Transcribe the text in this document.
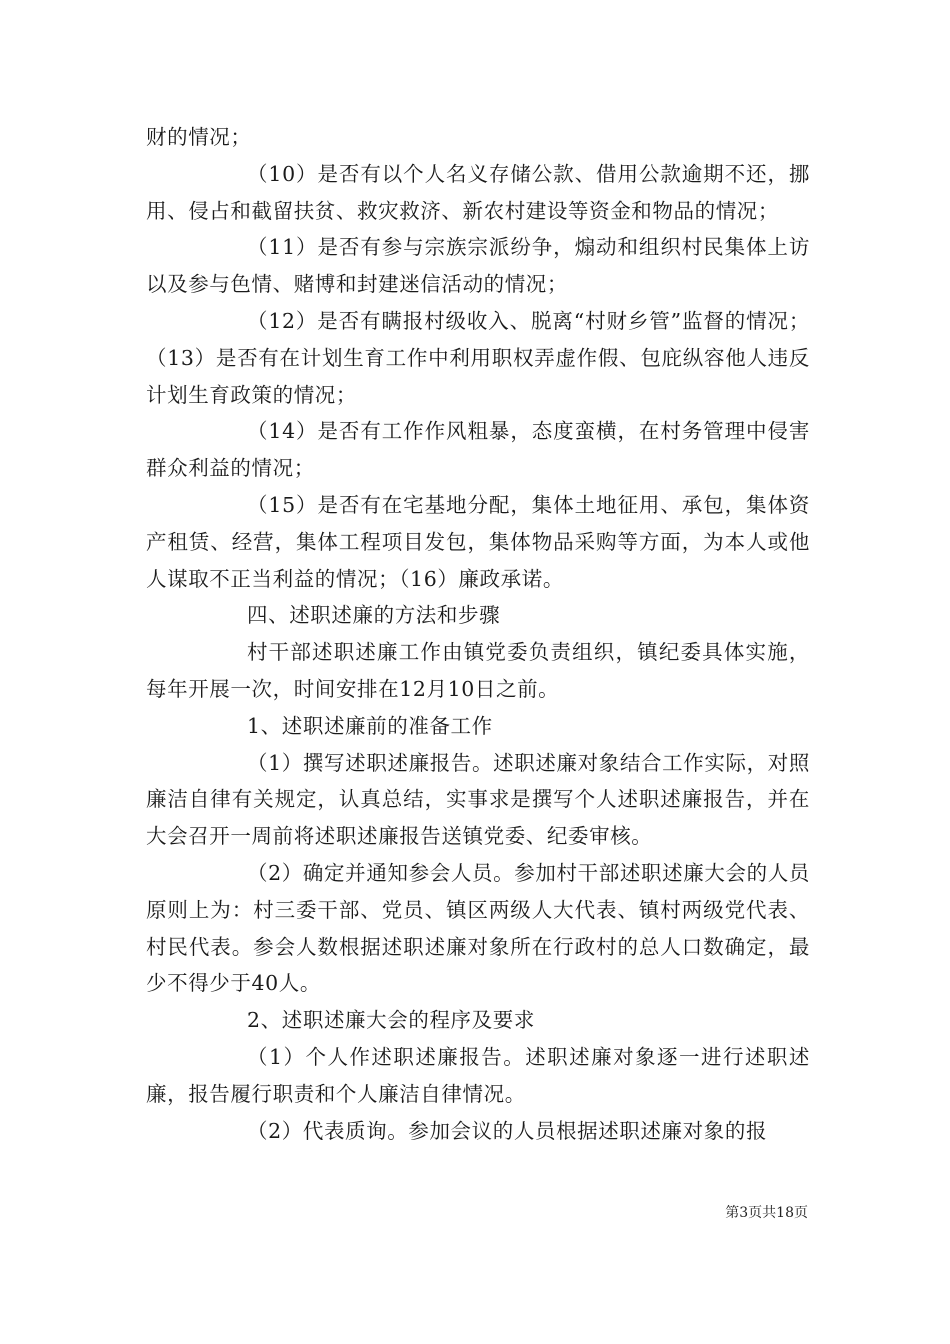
财的情况；

（10）是否有以个人名义存储公款、借用公款逾期不还，挪用、侵占和截留扶贫、救灾救济、新农村建设等资金和物品的情况；

（11）是否有参与宗族宗派纷争，煽动和组织村民集体上访以及参与色情、赌博和封建迷信活动的情况；

（12）是否有瞒报村级收入、脱离“村财乡管”监督的情况；（13）是否有在计划生育工作中利用职权弄虚作假、包庇纵容他人违反计划生育政策的情况；

（14）是否有工作作风粗暴，态度蛮横，在村务管理中侵害群众利益的情况；

（15）是否有在宅基地分配，集体土地征用、承包，集体资产租赁、经营，集体工程项目发包，集体物品采购等方面，为本人或他人谋取不正当利益的情况；（16）廉政承诺。

四、述职述廉的方法和步骤

村干部述职述廉工作由镇党委负责组织，镇纪委具体实施，每年开展一次，时间安排在12月10日之前。

1、述职述廉前的准备工作

（1）撰写述职述廉报告。述职述廉对象结合工作实际，对照廉洁自律有关规定，认真总结，实事求是撰写个人述职述廉报告，并在大会召开一周前将述职述廉报告送镇党委、纪委审核。

（2）确定并通知参会人员。参加村干部述职述廉大会的人员原则上为：村三委干部、党员、镇区两级人大代表、镇村两级党代表、村民代表。参会人数根据述职述廉对象所在行政村的总人口数确定，最少不得少于40人。

2、述职述廉大会的程序及要求

（1）个人作述职述廉报告。述职述廉对象逐一进行述职述廉，报告履行职责和个人廉洁自律情况。

（2）代表质询。参加会议的人员根据述职述廉对象的报

第3页共18页
